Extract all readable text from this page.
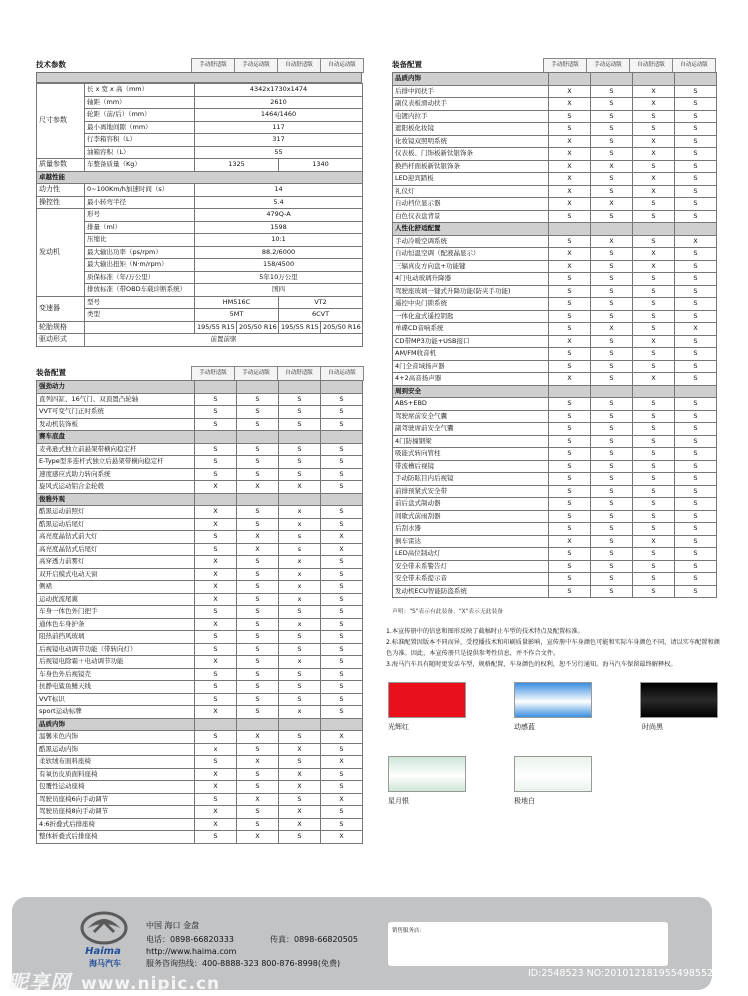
技术参数	手动舒适版	手动运动版	自动舒适版	自动运动版
尺寸参数	长 x 宽 x 高（mm）	4342x1730x1474			
	轴距（mm）	2610			
	轮距（前/后）（mm）	1464/1460			
	最小离地间隙（mm）	117			
	行李箱容积（L）	317			
	油箱容积（L）	55			
质量参数	车整备质量（Kg）	1325		1340	
卓越性能					
动力性	0~100Km/h加速时间（s）	14			
操控性	最小转弯半径	5.4			
发动机	形号	479Q-A			
	排量（ml）	1598			
	压缩比	10:1			
	最大输出功率（ps/rpm）	88.2/6000			
	最大输出扭矩（N·m/rpm）	158/4500			
	质保标准（年/万公里）	5年10万公里			
	排放标准（带OBD车载诊断系统）	国四			
变速器	型号	HM516C		VT2	
	类型	5MT		6CVT	
轮胎规格		195/55 R15	205/50 R16	195/55 R15	205/50 R16
驱动形式	前置前驱				
装备配置	手动舒适版	手动运动版	自动舒适版	自动运动版
强劲动力				
直列四缸、16气门、双顶置凸轮轴	S	S	S	S
VVT可变气门正时系统	S	S	S	S
发动机装饰板	S	S	S	S
赛车底盘				
麦弗逊式独立前悬架带横向稳定杆	S	S	S	S
E-Type型多连杆式独立后悬架带横向稳定杆	S	S	S	S
速度感应式助力转向系统	S	S	S	S
旋风式运动铝合金轮毂	X	X	X	S
俊雅外观				
酷黑运动前照灯	X	S	x	S
酷黑运动后尾灯	X	S	x	S
高亮度晶钻式前大灯	S	X	s	X
高亮度晶钻式后尾灯	S	X	s	X
高穿透力前雾灯	X	S	x	S
双开启模式电动天窗	X	S	x	S
侧裙	X	S	x	S
运动扰流尾翼	X	S	x	S
车身一体色外门把手	S	S	S	S
通体色车身护条	X	S	x	S
阻热前挡风玻璃	S	S	S	S
后视镜电动调节功能（带转向灯）	S	S	S	S
后视镜电除霜＋电动调节功能	X	S	x	S
车身色外后视镜壳	S	S	S	S
抗静电鲨鱼鳍天线	S	S	S	S
VVT标识	S	S	S	S
sport运动标牌	X	S	x	S
品质内饰				
温馨米色内饰	S	X	S	X
酷黑运动内饰	x	S	X	S
柔软绒布面料座椅	S	X	S	X
有氧仿皮质面料座椅	X	S	X	S
包覆性运动座椅	X	S	X	S
驾驶员座椅6向手动调节	S	X	S	X
驾驶员座椅8向手动调节	X	S	X	S
4:6折叠式后排座椅	X	S	X	S
整体折叠式后排座椅	S	X	S	X
装备配置	手动舒适版	手动运动版	自动舒适版	自动运动版
品质内饰				
后排中间扶手	X	S	X	S
副仪表板滑动扶手	X	S	X	S
电镀内拉手	S	S	S	S
遮阳板化妆镜	S	S	S	S
化妆镜双照明系统	X	S	X	S
仪表板、门饰板新钛银饰条	X	S	X	S
换挡杆面板新钛银饰条	X	X	S	S
LED迎宾踏板	X	S	X	S
礼仪灯	X	S	X	S
自动档位显示器	X	X	S	S
白色仪表盘背景	S	S	S	S
人性化舒适配置				
手动冷暖空调系统	S	X	S	X
自动恒温空调（配液晶显示）	X	S	X	S
三辐真皮方向盘+功能键	X	S	X	S
4门电动玻璃升降器	S	S	S	S
驾驶座玻璃一键式升降功能(防夹手功能)	S	S	S	S
遥控中央门锁系统	S	S	S	S
一体化盒式遥控钥匙	S	S	S	S
单碟CD音响系统	S	X	S	X
CD带MP3功能+USB接口	X	S	X	S
AM/FM收音机	S	S	S	S
4门全音域扬声器	S	S	S	S
4+2高音扬声器	X	S	X	S
周到安全				
ABS+EBD	S	S	S	S
驾驶席前安全气囊	S	S	S	S
副驾驶席前安全气囊	S	S	S	S
4门防撞钢梁	S	S	S	S
吸能式转向管柱	S	S	S	S
带流槽后视镜	S	S	S	S
手动防眩目内后视镜	S	S	S	S
前排预紧式安全带	S	S	S	S
前后盘式制动器	S	S	S	S
间歇式前雨刮器	S	S	S	S
后刮水器	S	S	S	S
倒车雷达	X	S	X	S
LED高位制动灯	S	S	S	S
安全带未系警告灯	S	S	S	S
安全带未系提示音	S	S	S	S
发动机ECU智能防盗系统	S	S	S	S
声明："S"表示有此装备，"X"表示无此装备

1.本宣传册中的信息和图形反映了截稿时止车型的技术特点及配置标准。

2.标准配置因版本不同而异，受控播技术和印刷质量影响，宣传册中车身颜色可能和实际车身颜色不同，请以实车配置和颜色为准。因此，本宣传册只是提供参考性信息，并不作合文件。

3.海马汽车具有随时更发话车型，规格配置，车身颜色的权利，恕不另行通知。海马汽车保留最终解释权。

光辉红	动感蓝	时尚黑
星月银	极地白
Haima
海马汽车
中国 海口 金盘
电话：0898-66820333	传真：0898-66820505
http://www.haima.com
服务咨询热线：400-8888-323 800-876-8998(免费)
销售服务店：
昵享网 www.nipic.cn
ID:2548523 NO:20101218195549855223
